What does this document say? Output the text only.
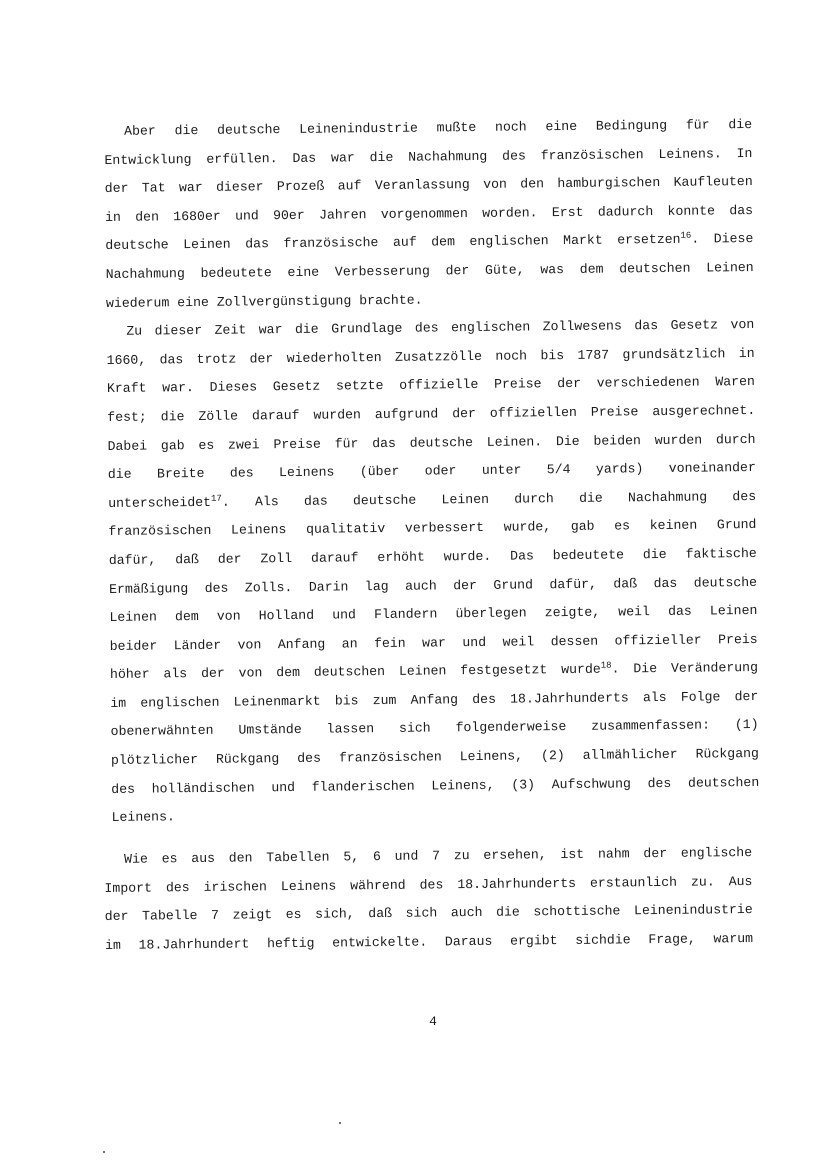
Aber die deutsche Leinenindustrie mußte noch eine Bedingung für die
Entwicklung erfüllen. Das war die Nachahmung des französischen Leinens. In
der Tat war dieser Prozeß auf Veranlassung von den hamburgischen Kaufleuten
in den 1680er und 90er Jahren vorgenommen worden. Erst dadurch konnte das
deutsche Leinen das französische auf dem englischen Markt ersetzen$^{16}$. Diese
Nachahmung bedeutete eine Verbesserung der Güte, was dem deutschen Leinen
wiederum eine Zollvergünstigung brachte.
Zu dieser Zeit war die Grundlage des englischen Zollwesens das Gesetz von
1660, das trotz der wiederholten Zusatzzölle noch bis 1787 grundsätzlich in
Kraft war. Dieses Gesetz setzte offizielle Preise der verschiedenen Waren
fest; die Zölle darauf wurden aufgrund der offiziellen Preise ausgerechnet.
Dabei gab es zwei Preise für das deutsche Leinen. Die beiden wurden durch
die Breite des Leinens (über oder unter 5/4 yards) voneinander
unterscheidet$^{17}$. Als das deutsche Leinen durch die Nachahmung des
französischen Leinens qualitativ verbessert wurde, gab es keinen Grund
dafür, daß der Zoll darauf erhöht wurde. Das bedeutete die faktische
Ermäßigung des Zolls. Darin lag auch der Grund dafür, daß das deutsche
Leinen dem von Holland und Flandern überlegen zeigte, weil das Leinen
beider Länder von Anfang an fein war und weil dessen offizieller Preis
höher als der von dem deutschen Leinen festgesetzt wurde$^{18}$. Die Veränderung
im englischen Leinenmarkt bis zum Anfang des 18.Jahrhunderts als Folge der
obenerwähnten Umstände lassen sich folgenderweise zusammenfassen: (1)
plötzlicher Rückgang des französischen Leinens, (2) allmählicher Rückgang
des holländischen und flanderischen Leinens, (3) Aufschwung des deutschen
Leinens.
Wie es aus den Tabellen 5, 6 und 7 zu ersehen, ist nahm der englische
Import des irischen Leinens während des 18.Jahrhunderts erstaunlich zu. Aus
der Tabelle 7 zeigt es sich, daß sich auch die schottische Leinenindustrie
im 18.Jahrhundert heftig entwickelte. Daraus ergibt sichdie Frage, warum
4
